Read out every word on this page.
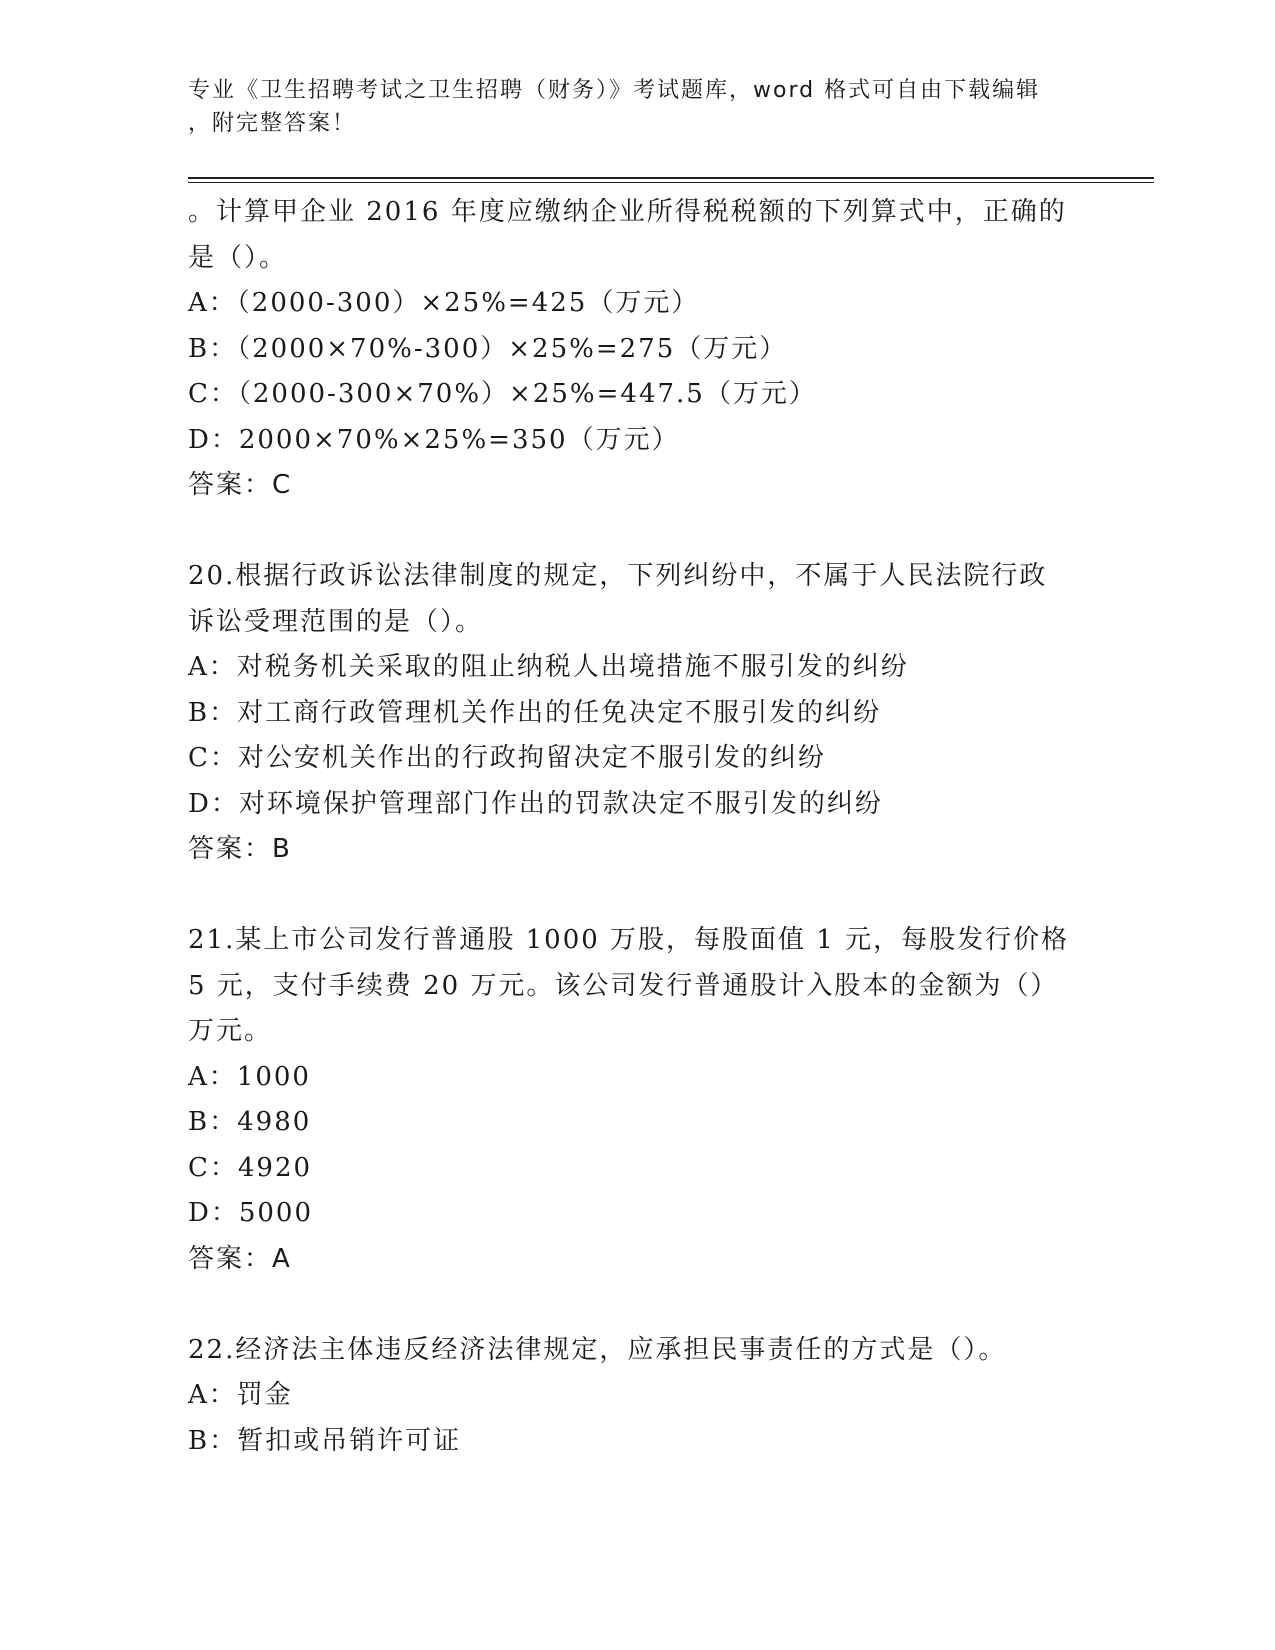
专业《卫生招聘考试之卫生招聘（财务）》考试题库，word 格式可自由下载编辑
，附完整答案！
。计算甲企业 2016 年度应缴纳企业所得税税额的下列算式中，正确的
是（）。
A：（2000-300）×25%=425（万元）
B：（2000×70%-300）×25%=275（万元）
C：（2000-300×70%）×25%=447.5（万元）
D：2000×70%×25%=350（万元）
答案：C
20.根据行政诉讼法律制度的规定，下列纠纷中，不属于人民法院行政
诉讼受理范围的是（）。
A：对税务机关采取的阻止纳税人出境措施不服引发的纠纷
B：对工商行政管理机关作出的任免决定不服引发的纠纷
C：对公安机关作出的行政拘留决定不服引发的纠纷
D：对环境保护管理部门作出的罚款决定不服引发的纠纷
答案：B
21.某上市公司发行普通股 1000 万股，每股面值 1 元，每股发行价格
5 元，支付手续费 20 万元。该公司发行普通股计入股本的金额为（）
万元。
A：1000
B：4980
C：4920
D：5000
答案：A
22.经济法主体违反经济法律规定，应承担民事责任的方式是（）。
A：罚金
B：暂扣或吊销许可证
